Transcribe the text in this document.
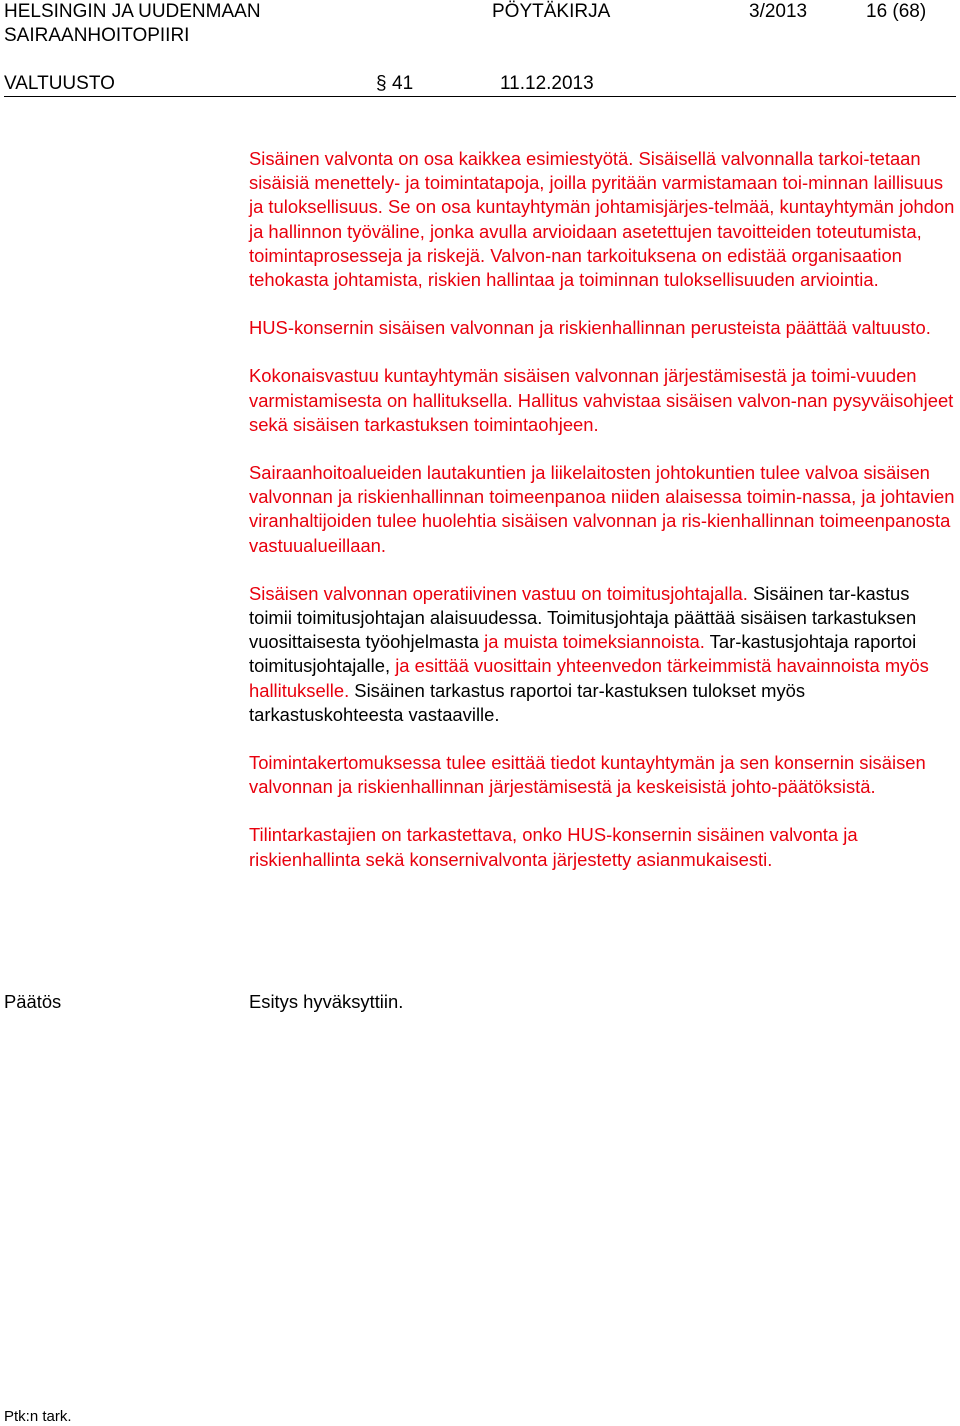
HELSINGIN JA UUDENMAAN
SAIRAANHOITOPIIRI
PÖYTÄKIRJA	3/2013	16 (68)
VALTUUSTO	§ 41	11.12.2013

Sisäinen valvonta on osa kaikkea esimiestyötä. Sisäisellä valvonnalla tarkoi-tetaan sisäisiä menettely- ja toimintatapoja, joilla pyritään varmistamaan toi-minnan laillisuus ja tuloksellisuus. Se on osa kuntayhtymän johtamisjärjes-telmää, kuntayhtymän johdon ja hallinnon työväline, jonka avulla arvioidaan asetettujen tavoitteiden toteutumista, toimintaprosesseja ja riskejä. Valvon-nan tarkoituksena on edistää organisaation tehokasta johtamista, riskien hallintaa ja toiminnan tuloksellisuuden arviointia.

HUS-konsernin sisäisen valvonnan ja riskienhallinnan perusteista päättää valtuusto.

Kokonaisvastuu kuntayhtymän sisäisen valvonnan järjestämisestä ja toimi-vuuden varmistamisesta on hallituksella. Hallitus vahvistaa sisäisen valvon-nan pysyväisohjeet sekä sisäisen tarkastuksen toimintaohjeen.

Sairaanhoitoalueiden lautakuntien ja liikelaitosten johtokuntien tulee valvoa sisäisen valvonnan ja riskienhallinnan toimeenpanoa niiden alaisessa toimin-nassa, ja johtavien viranhaltijoiden tulee huolehtia sisäisen valvonnan ja ris-kienhallinnan toimeenpanosta vastuualueillaan.

Sisäisen valvonnan operatiivinen vastuu on toimitusjohtajalla. Sisäinen tar-kastus toimii toimitusjohtajan alaisuudessa. Toimitusjohtaja päättää sisäisen tarkastuksen vuosittaisesta työohjelmasta ja muista toimeksiannoista. Tar-kastusjohtaja raportoi toimitusjohtajalle, ja esittää vuosittain yhteenvedon tärkeimmistä havainnoista myös hallitukselle. Sisäinen tarkastus raportoi tar-kastuksen tulokset myös tarkastuskohteesta vastaaville.

Toimintakertomuksessa tulee esittää tiedot kuntayhtymän ja sen konsernin sisäisen valvonnan ja riskienhallinnan järjestämisestä ja keskeisistä johto-päätöksistä.

Tilintarkastajien on tarkastettava, onko HUS-konsernin sisäinen valvonta ja riskienhallinta sekä konsernivalvonta järjestetty asianmukaisesti.

Päätös	Esitys hyväksyttiin.
Ptk:n tark.
